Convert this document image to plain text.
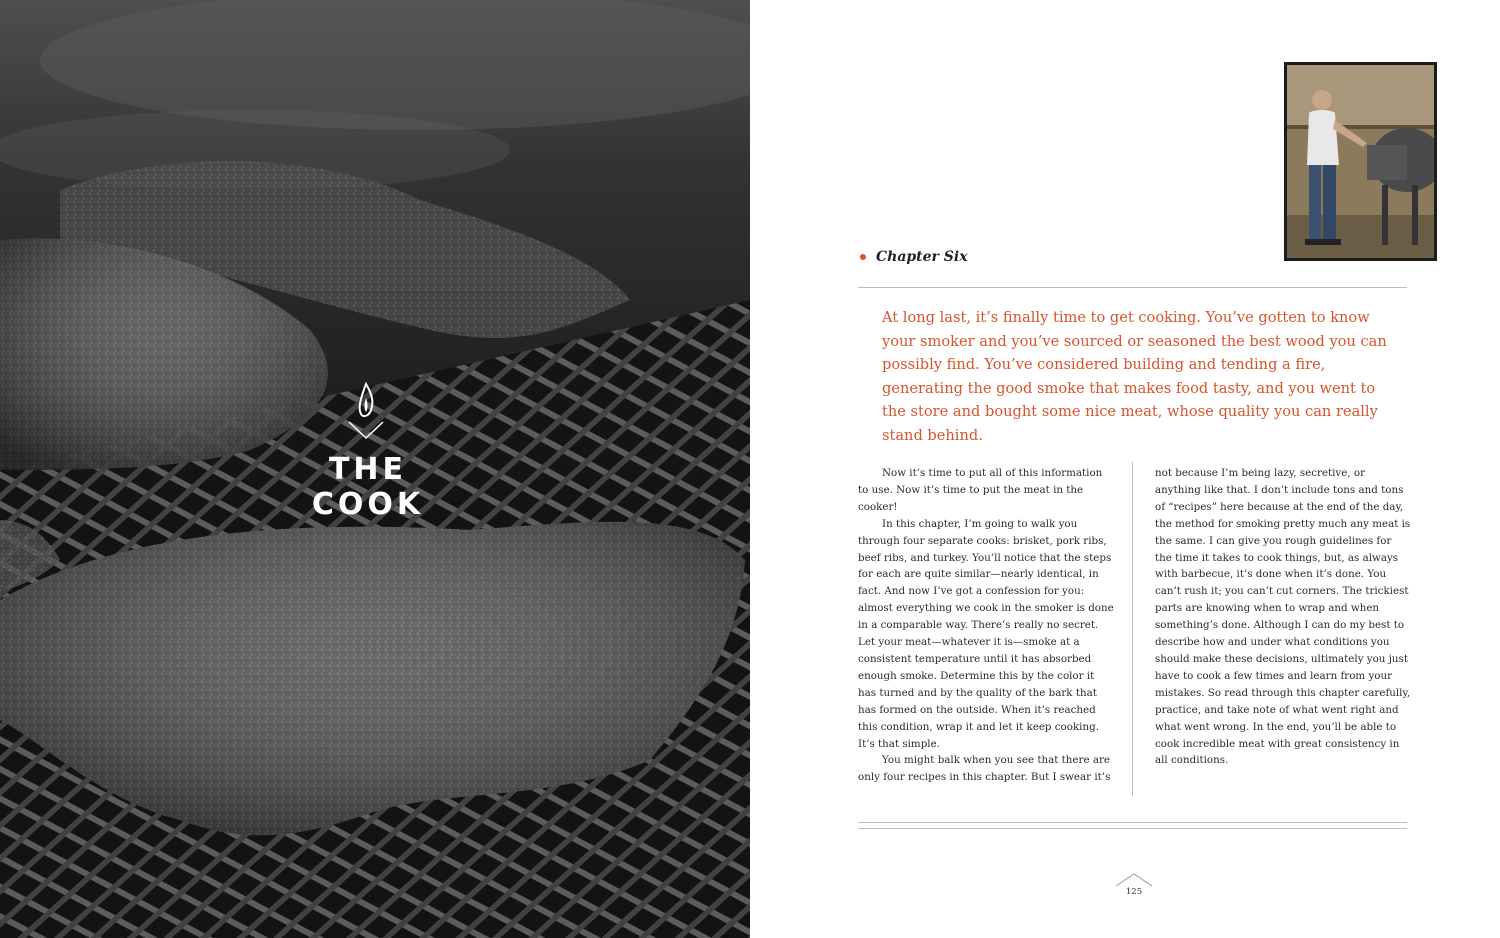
THE COOK
Chapter Six

At long last, it’s finally time to get cooking. You’ve gotten to know your smoker and you’ve sourced or seasoned the best wood you can possibly find. You’ve considered building and tending a fire, generating the good smoke that makes food tasty, and you went to the store and bought some nice meat, whose quality you can really stand behind.

Now it’s time to put all of this information to use. Now it’s time to put the meat in the cooker!

In this chapter, I’m going to walk you through four separate cooks: brisket, pork ribs, beef ribs, and turkey. You’ll notice that the steps for each are quite similar—nearly identical, in fact. And now I’ve got a confession for you: almost everything we cook in the smoker is done in a comparable way. There’s really no secret. Let your meat—whatever it is—smoke at a consistent temperature until it has absorbed enough smoke. Determine this by the color it has turned and by the quality of the bark that has formed on the outside. When it’s reached this condition, wrap it and let it keep cooking. It’s that simple.

You might balk when you see that there are only four recipes in this chapter. But I swear it’s

not because I’m being lazy, secretive, or anything like that. I don’t include tons and tons of “recipes” here because at the end of the day, the method for smoking pretty much any meat is the same. I can give you rough guidelines for the time it takes to cook things, but, as always with barbecue, it’s done when it’s done. You can’t rush it; you can’t cut corners. The trickiest parts are knowing when to wrap and when something’s done. Although I can do my best to describe how and under what conditions you should make these decisions, ultimately you just have to cook a few times and learn from your mistakes. So read through this chapter carefully, practice, and take note of what went right and what went wrong. In the end, you’ll be able to cook incredible meat with great consistency in all conditions.

125
